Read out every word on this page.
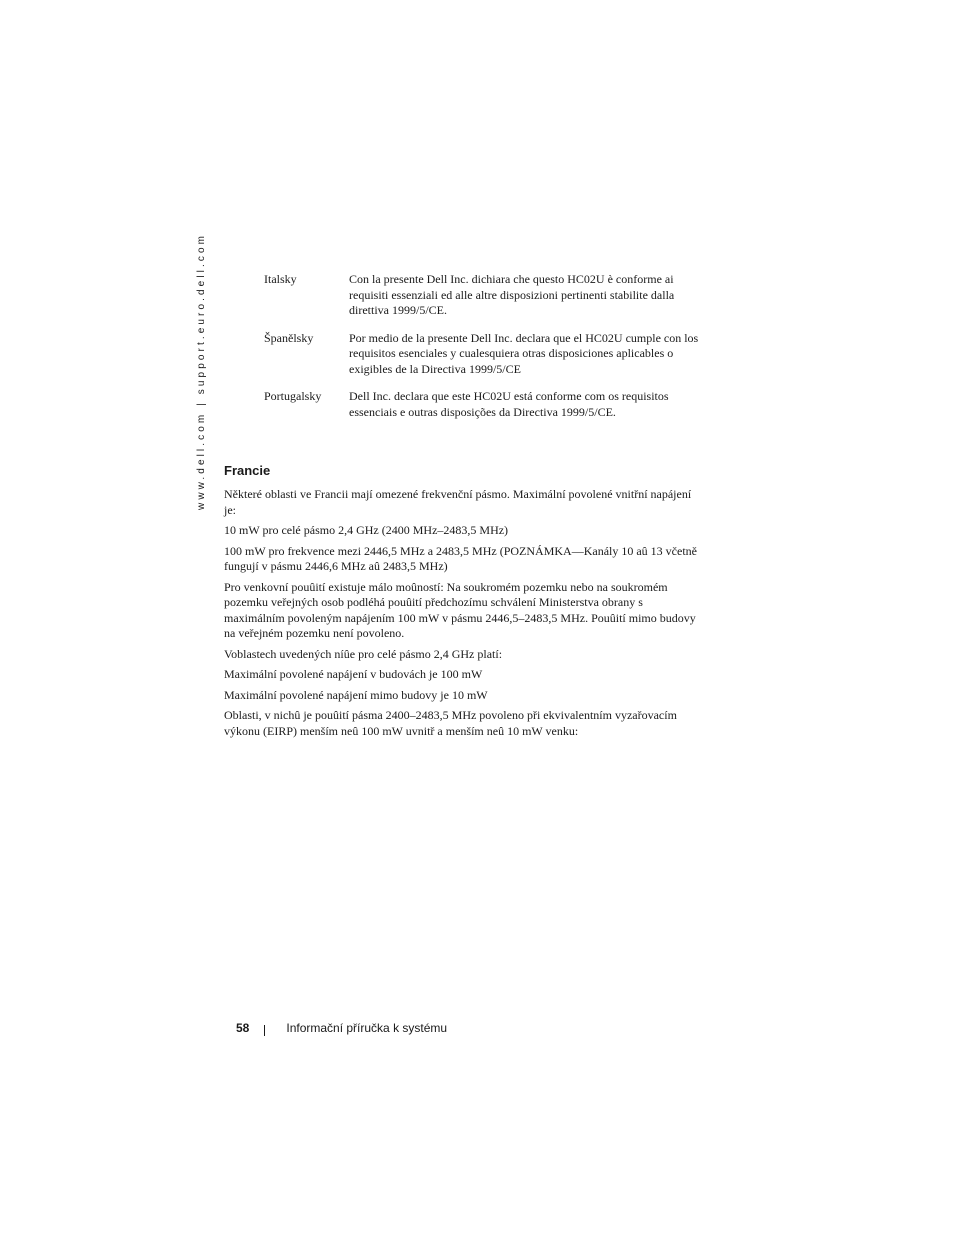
www.dell.com | support.euro.dell.com	Italsky	Con la presente Dell Inc. dichiara che questo HC02U è conforme ai requisiti essenziali ed alle altre disposizioni pertinenti stabilite dalla direttiva 1999/5/CE.
Španělsky	Por medio de la presente Dell Inc. declara que el HC02U cumple con los requisitos esenciales y cualesquiera otras disposiciones aplicables o exigibles de la Directiva 1999/5/CE
Portugalsky	Dell Inc. declara que este HC02U está conforme com os requisitos essenciais e outras disposições da Directiva 1999/5/CE.
Francie

Některé oblasti ve Francii mají omezené frekvenční pásmo. Maximální povolené vnitřní napájení je:

10 mW pro celé pásmo 2,4 GHz (2400 MHz–2483,5 MHz)

100 mW pro frekvence mezi 2446,5 MHz a 2483,5 MHz (POZNÁMKA—Kanály 10 aû 13 včetně fungují v pásmu 2446,6 MHz aû 2483,5 MHz)

Pro venkovní pouûití existuje málo moûností: Na soukromém pozemku nebo na soukromém pozemku veřejných osob podléhá pouûití předchozímu schválení Ministerstva obrany s maximálním povoleným napájením 100 mW v pásmu 2446,5–2483,5 MHz. Pouûití mimo budovy na veřejném pozemku není povoleno.

Voblastech uvedených níûe pro celé pásmo 2,4 GHz platí:

Maximální povolené napájení v budovách je 100 mW

Maximální povolené napájení mimo budovy je 10 mW

Oblasti, v nichû je pouûití pásma 2400–2483,5 MHz povoleno při ekvivalentním vyzařovacím výkonu (EIRP) menším neû 100 mW uvnitř a menším neû 10 mW venku:

58	Informační příručka k systému
